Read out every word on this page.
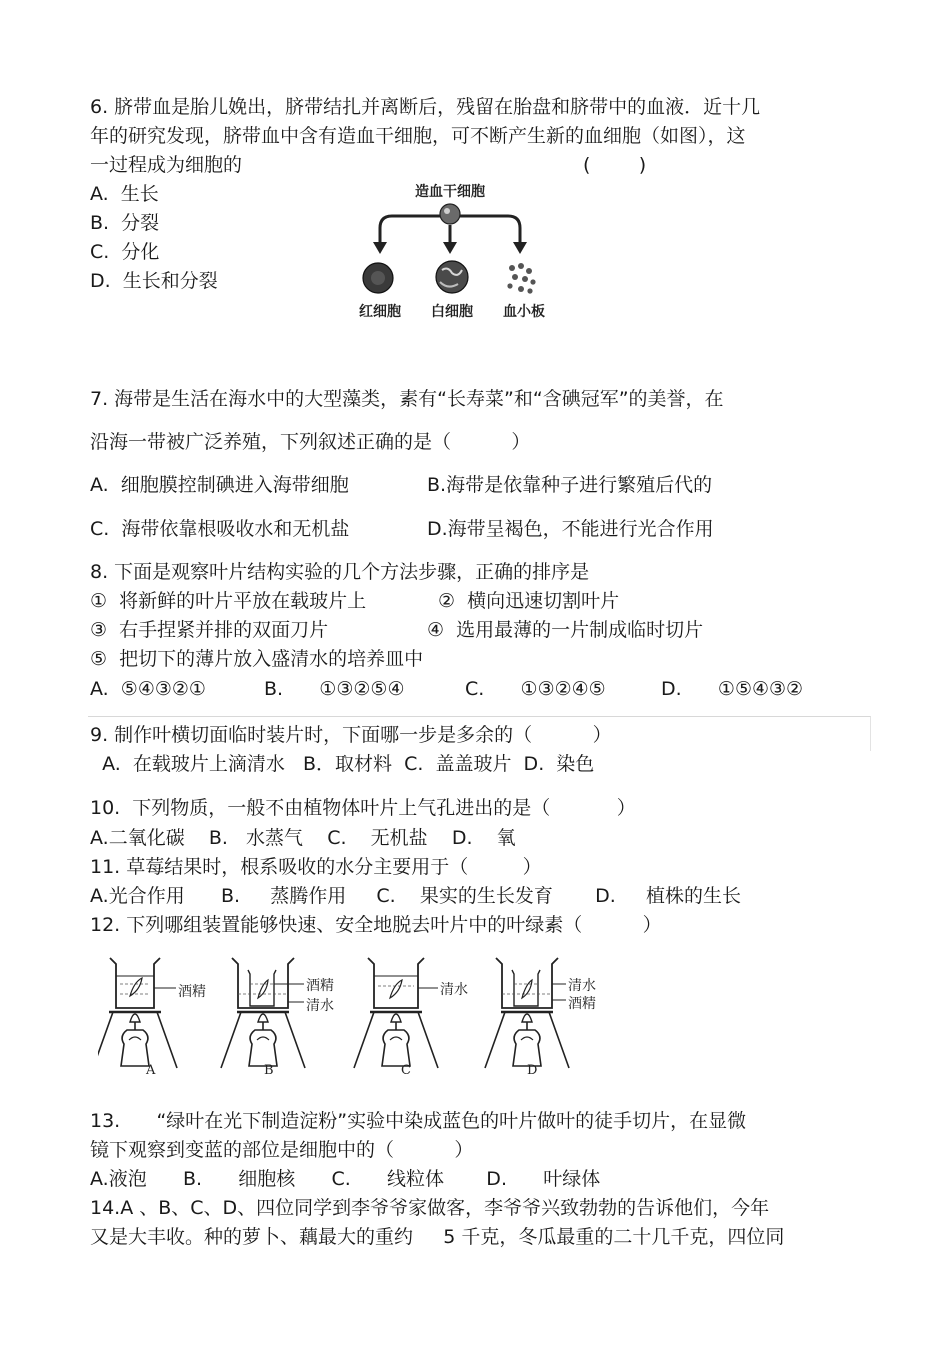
6. 脐带血是胎儿娩出，脐带结扎并离断后，残留在胎盘和脐带中的血液．近十几
年的研究发现，脐带血中含有造血干细胞，可不断产生新的血细胞（如图），这
一过程成为细胞的	(        )
A.  生长
B.  分裂
C.  分化
D.  生长和分裂
造血干细胞
红细胞 白细胞 血小板
7. 海带是生活在海水中的大型藻类，素有“长寿菜”和“含碘冠军”的美誉，在
沿海一带被广泛养殖，下列叙述正确的是（          ）
A.  细胞膜控制碘进入海带细胞	B.海带是依靠种子进行繁殖后代的
C.  海带依靠根吸收水和无机盐	D.海带呈褐色，不能进行光合作用
8. 下面是观察叶片结构实验的几个方法步骤，正确的排序是
①  将新鲜的叶片平放在载玻片上	②  横向迅速切割叶片
③  右手捏紧并排的双面刀片	④  选用最薄的一片制成临时切片
⑤  把切下的薄片放入盛清水的培养皿中
A.  ⑤④③②①	B.      ①③②⑤④	C.      ①③②④⑤	D.      ①⑤④③②
9. 制作叶横切面临时装片时，下面哪一步是多余的（          ）
A.  在载玻片上滴清水   B．取材料  C.  盖盖玻片  D.  染色
10.  下列物质，一般不由植物体叶片上气孔进出的是（           ）
A.二氧化碳    B.   水蒸气    C.    无机盐    D.    氧
11. 草莓结果时，根系吸收的水分主要用于（         ）
A.光合作用      B.     蒸腾作用     C.    果实的生长发育       D.     植株的生长
12. 下列哪组装置能够快速、安全地脱去叶片中的叶绿素（          ）
酒精	酒精
清水
清水	清水
酒精
A	B	C	D
13.      “绿叶在光下制造淀粉”实验中染成蓝色的叶片做叶的徒手切片，在显微
镜下观察到变蓝的部位是细胞中的（          ）
A.液泡      B.      细胞核      C.      线粒体       D.      叶绿体
14.A 、B、C、D、四位同学到李爷爷家做客，李爷爷兴致勃勃的告诉他们，今年
又是大丰收。种的萝卜、藕最大的重约     5 千克，冬瓜最重的二十几千克，四位同
